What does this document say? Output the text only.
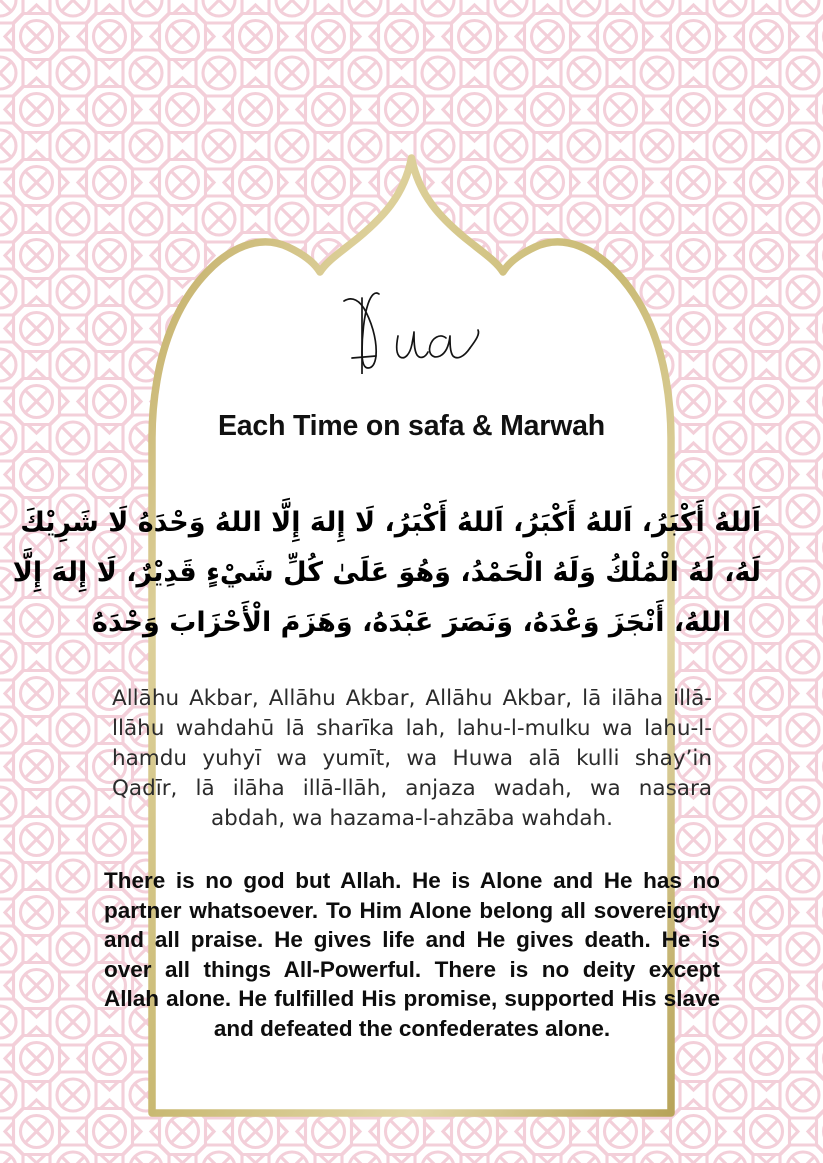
Each Time on safa & Marwah
اَللهُ أَكْبَرُ، اَللهُ أَكْبَرُ، اَللهُ أَكْبَرُ، لَا إِلهَ إِلَّا اللهُ وَحْدَهُ لَا شَرِيْكَ
لَهُ، لَهُ الْمُلْكُ وَلَهُ الْحَمْدُ، وَهُوَ عَلَىٰ كُلِّ شَيْءٍ قَدِيْرٌ، لَا إِلهَ إِلَّا
اللهُ، أَنْجَزَ وَعْدَهُ، وَنَصَرَ عَبْدَهُ، وَهَزَمَ الْأَحْزَابَ وَحْدَهُ
Allāhu Akbar, Allāhu Akbar, Allāhu Akbar, lā ilāha illā-llāhu wahdahū lā sharīka lah, lahu-l-mulku wa lahu-l-hamdu yuhyī wa yumīt, wa Huwa alā kulli shay’in Qadīr, lā ilāha illā-llāh, anjaza wadah, wa nasara abdah, wa hazama-l-ahzāba wahdah.
There is no god but Allah. He is Alone and He has no partner whatsoever. To Him Alone belong all sovereignty and all praise. He gives life and He gives death. He is over all things All-Powerful. There is no deity except Allah alone. He fulfilled His promise, supported His slave and defeated the confederates alone.
